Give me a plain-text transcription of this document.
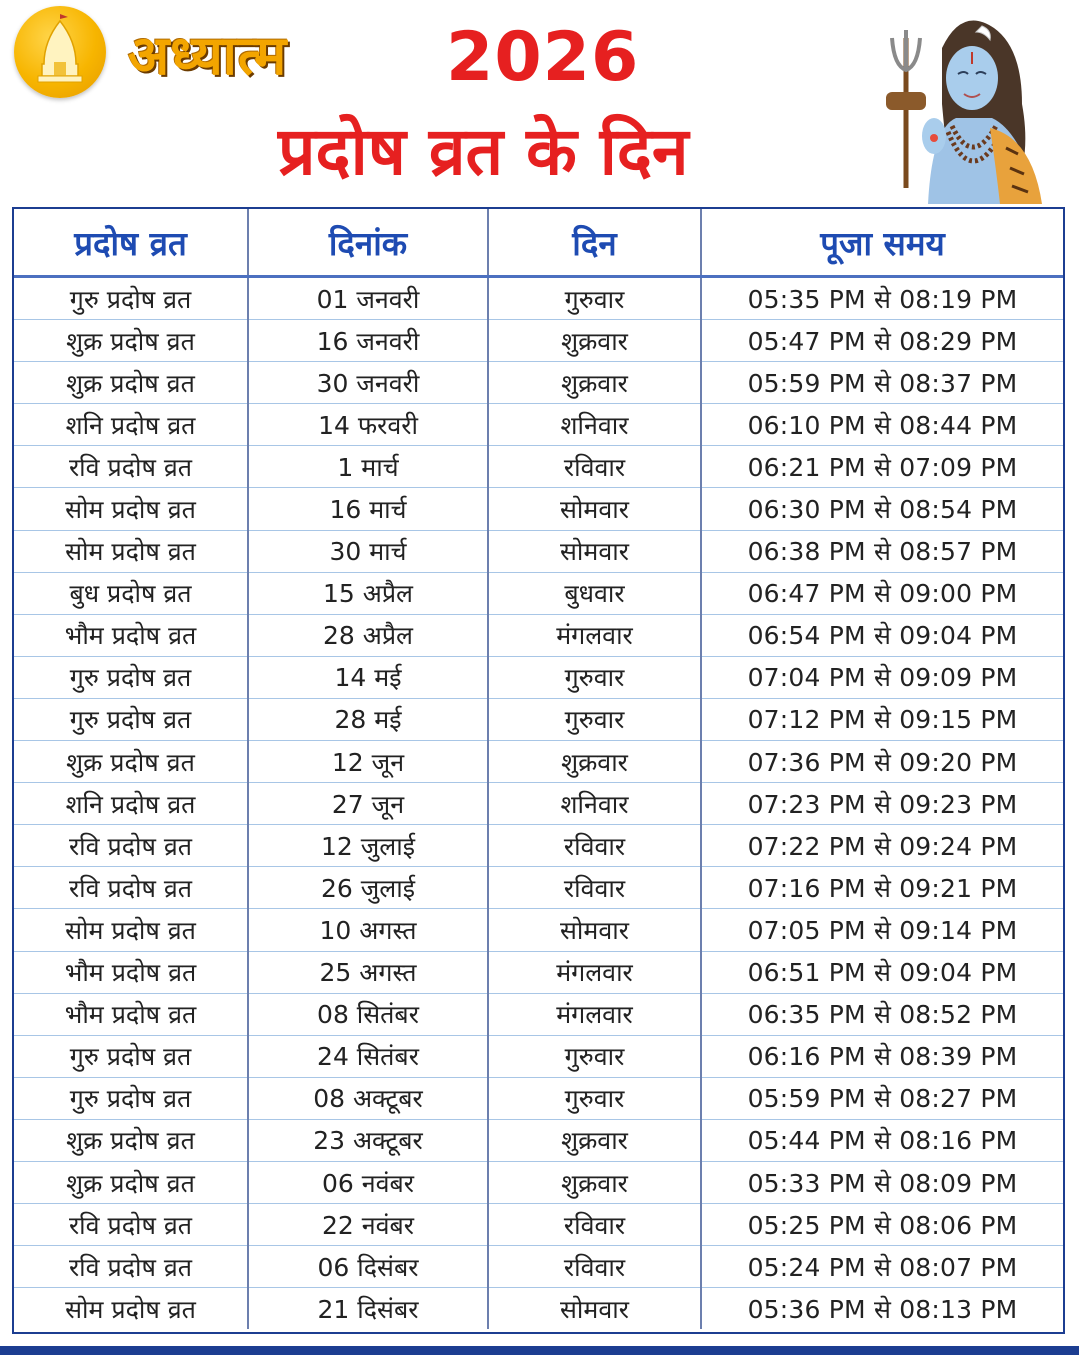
अध्यात्म 2026
प्रदोष व्रत के दिन
प्रदोष व्रत	दिनांक	दिन	पूजा समय
गुरु प्रदोष व्रत	01 जनवरी	गुरुवार	05:35 PM से 08:19 PM
शुक्र प्रदोष व्रत	16 जनवरी	शुक्रवार	05:47 PM से 08:29 PM
शुक्र प्रदोष व्रत	30 जनवरी	शुक्रवार	05:59 PM से 08:37 PM
शनि प्रदोष व्रत	14 फरवरी	शनिवार	06:10 PM से 08:44 PM
रवि प्रदोष व्रत	1 मार्च	रविवार	06:21 PM से 07:09 PM
सोम प्रदोष व्रत	16 मार्च	सोमवार	06:30 PM से 08:54 PM
सोम प्रदोष व्रत	30 मार्च	सोमवार	06:38 PM से 08:57 PM
बुध प्रदोष व्रत	15 अप्रैल	बुधवार	06:47 PM से 09:00 PM
भौम प्रदोष व्रत	28 अप्रैल	मंगलवार	06:54 PM से 09:04 PM
गुरु प्रदोष व्रत	14 मई	गुरुवार	07:04 PM से 09:09 PM
गुरु प्रदोष व्रत	28 मई	गुरुवार	07:12 PM से 09:15 PM
शुक्र प्रदोष व्रत	12 जून	शुक्रवार	07:36 PM से 09:20 PM
शनि प्रदोष व्रत	27 जून	शनिवार	07:23 PM से 09:23 PM
रवि प्रदोष व्रत	12 जुलाई	रविवार	07:22 PM से 09:24 PM
रवि प्रदोष व्रत	26 जुलाई	रविवार	07:16 PM से 09:21 PM
सोम प्रदोष व्रत	10 अगस्त	सोमवार	07:05 PM से 09:14 PM
भौम प्रदोष व्रत	25 अगस्त	मंगलवार	06:51 PM से 09:04 PM
भौम प्रदोष व्रत	08 सितंबर	मंगलवार	06:35 PM से 08:52 PM
गुरु प्रदोष व्रत	24 सितंबर	गुरुवार	06:16 PM से 08:39 PM
गुरु प्रदोष व्रत	08 अक्टूबर	गुरुवार	05:59 PM से 08:27 PM
शुक्र प्रदोष व्रत	23 अक्टूबर	शुक्रवार	05:44 PM से 08:16 PM
शुक्र प्रदोष व्रत	06 नवंबर	शुक्रवार	05:33 PM से 08:09 PM
रवि प्रदोष व्रत	22 नवंबर	रविवार	05:25 PM से 08:06 PM
रवि प्रदोष व्रत	06 दिसंबर	रविवार	05:24 PM से 08:07 PM
सोम प्रदोष व्रत	21 दिसंबर	सोमवार	05:36 PM से 08:13 PM
